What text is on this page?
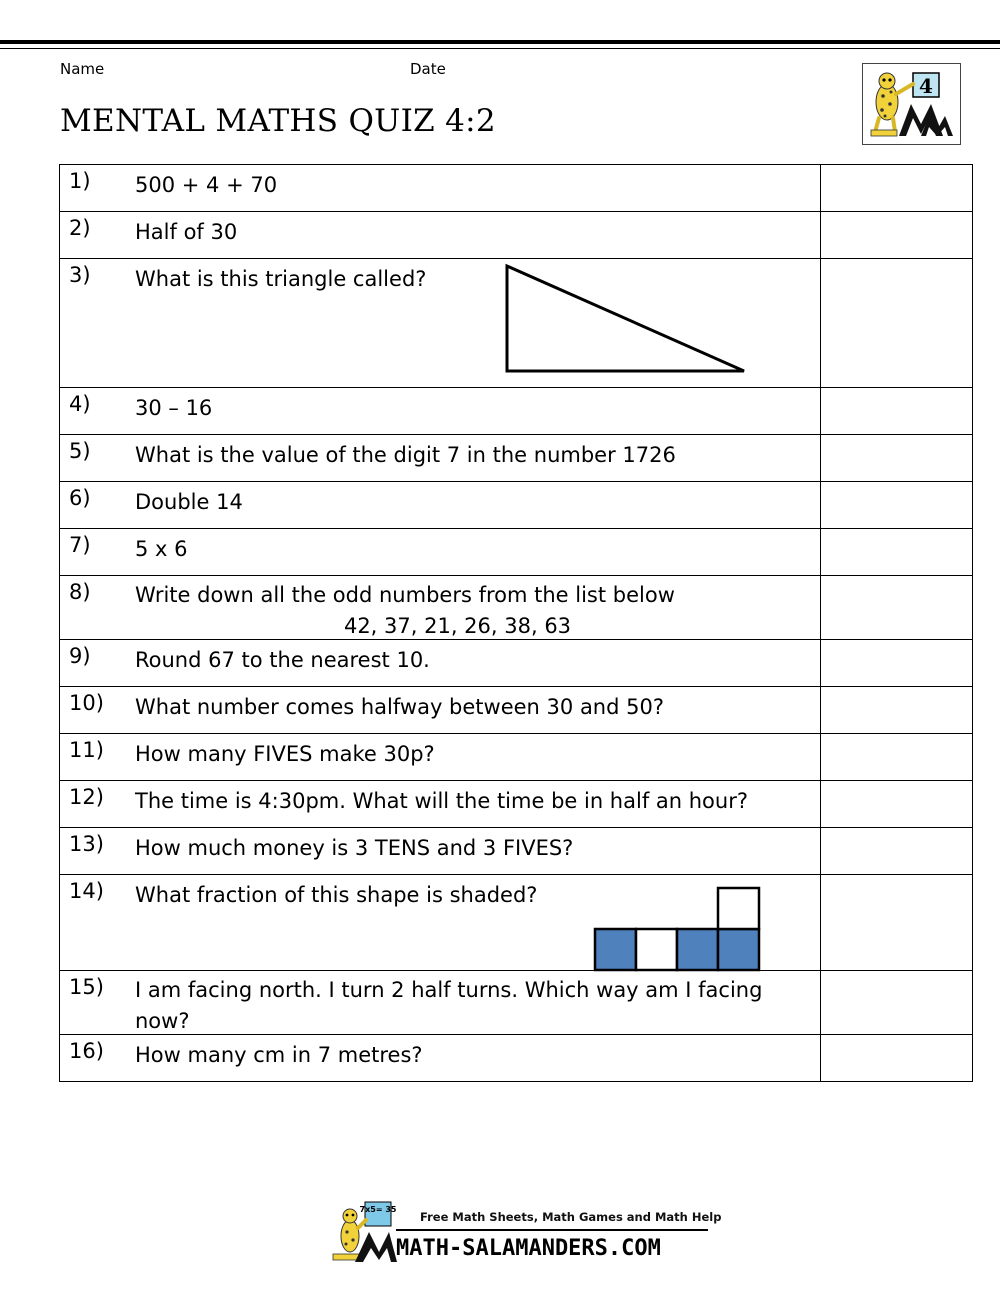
Name	Date
MENTAL MATHS QUIZ 4:2
4
1) 500 + 4 + 70	

2) Half of 30	

3) What is this triangle called?	

4) 30 – 16	

5) What is the value of the digit 7 in the number 1726	

6) Double 14	

7) 5 x 6	

8) Write down all the odd numbers from the list below
42, 37, 21, 26, 38, 63	

9) Round 67 to the nearest 10.	

10) What number comes halfway between 30 and 50?	

11) How many FIVES make 30p?	

12) The time is 4:30pm. What will the time be in half an hour?	

13) How much money is 3 TENS and 3 FIVES?	

14) What fraction of this shape is shaded?	

15) I am facing north. I turn 2 half turns. Which way am I facing now?	

16) How many cm in 7 metres?	

7x5= 35
Free Math Sheets, Math Games and Math Help
MATH-SALAMANDERS.COM
